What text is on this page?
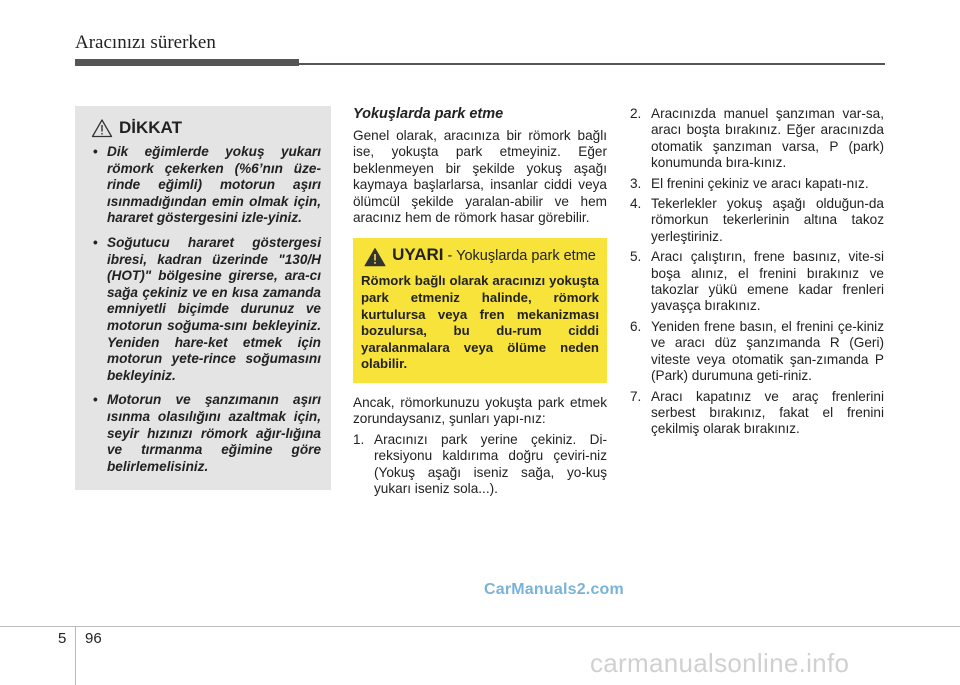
Aracınızı sürerken
DİKKAT
• Dik eğimlerde yokuş yukarı römork çekerken (%6’nın üze-rinde eğimli) motorun aşırı ısınmadığından emin olmak için, hararet göstergesini izle-yiniz.
• Soğutucu hararet göstergesi ibresi, kadran üzerinde "130/H (HOT)" bölgesine girerse, ara-cı sağa çekiniz ve en kısa zamanda emniyetli biçimde durunuz ve motorun soğuma-sını bekleyiniz. Yeniden hare-ket etmek için motorun yete-rince soğumasını bekleyiniz.
• Motorun ve şanzımanın aşırı ısınma olasılığını azaltmak için, seyir hızınızı römork ağır-lığına ve tırmanma eğimine göre belirlemelisiniz.
Yokuşlarda park etme

Genel olarak, aracınıza bir römork bağlı ise, yokuşta park etmeyiniz. Eğer beklenmeyen bir şekilde yokuş aşağı kaymaya başlarlarsa, insanlar ciddi veya ölümcül şekilde yaralan-abilir ve hem aracınız hem de römork hasar görebilir.

UYARI - Yokuşlarda park etme
Römork bağlı olarak aracınızı yokuşta park etmeniz halinde, römork kurtulursa veya fren mekanizması bozulursa, bu du-rum ciddi yaralanmalara veya ölüme neden olabilir.

Ancak, römorkunuzu yokuşta park etmek zorundaysanız, şunları yapı-nız:

1. Aracınızı park yerine çekiniz. Di-reksiyonu kaldırıma doğru çeviri-niz (Yokuş aşağı iseniz sağa, yo-kuş yukarı iseniz sola...).
2. Aracınızda manuel şanzıman var-sa, aracı boşta bırakınız. Eğer aracınızda otomatik şanzıman varsa, P (park) konumunda bıra-kınız.
3. El frenini çekiniz ve aracı kapatı-nız.
4. Tekerlekler yokuş aşağı olduğun-da römorkun tekerlerinin altına takoz yerleştiriniz.
5. Aracı çalıştırın, frene basınız, vite-si boşa alınız, el frenini bırakınız ve takozlar yükü emene kadar frenleri yavaşça bırakınız.
6. Yeniden frene basın, el frenini çe-kiniz ve aracı düz şanzımanda R (Geri) viteste veya otomatik şan-zımanda P (Park) durumuna geti-riniz.
7. Aracı kapatınız ve araç frenlerini serbest bırakınız, fakat el frenini çekilmiş olarak bırakınız.
CarManuals2.com
5 96
carmanualsonline.info
